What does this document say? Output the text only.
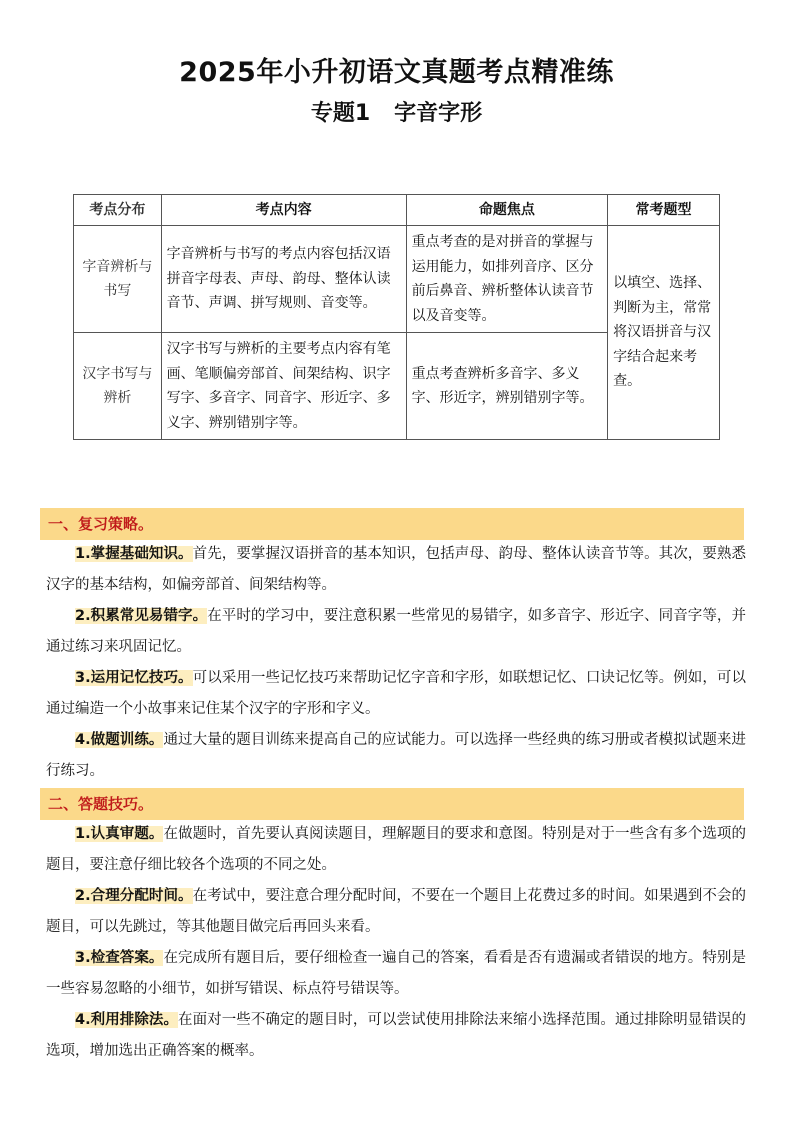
2025年小升初语文真题考点精准练
专题1 字音字形
考点分布	考点内容	命题焦点	常考题型
字音辨析与书写	字音辨析与书写的考点内容包括汉语拼音字母表、声母、韵母、整体认读音节、声调、拼写规则、音变等。	重点考查的是对拼音的掌握与运用能力，如排列音序、区分前后鼻音、辨析整体认读音节以及音变等。	以填空、选择、判断为主，常常将汉语拼音与汉字结合起来考查。
汉字书写与辨析	汉字书写与辨析的主要考点内容有笔画、笔顺偏旁部首、间架结构、识字写字、多音字、同音字、形近字、多义字、辨别错别字等。	重点考查辨析多音字、多义字、形近字，辨别错别字等。	
一、复习策略。

1.掌握基础知识。首先，要掌握汉语拼音的基本知识，包括声母、韵母、整体认读音节等。其次，要熟悉汉字的基本结构，如偏旁部首、间架结构等。

2.积累常见易错字。在平时的学习中，要注意积累一些常见的易错字，如多音字、形近字、同音字等，并通过练习来巩固记忆。

3.运用记忆技巧。可以采用一些记忆技巧来帮助记忆字音和字形，如联想记忆、口诀记忆等。例如，可以通过编造一个小故事来记住某个汉字的字形和字义。

4.做题训练。通过大量的题目训练来提高自己的应试能力。可以选择一些经典的练习册或者模拟试题来进行练习。

二、答题技巧。

1.认真审题。在做题时，首先要认真阅读题目，理解题目的要求和意图。特别是对于一些含有多个选项的题目，要注意仔细比较各个选项的不同之处。

2.合理分配时间。在考试中，要注意合理分配时间，不要在一个题目上花费过多的时间。如果遇到不会的题目，可以先跳过，等其他题目做完后再回头来看。

3.检查答案。在完成所有题目后，要仔细检查一遍自己的答案，看看是否有遗漏或者错误的地方。特别是一些容易忽略的小细节，如拼写错误、标点符号错误等。

4.利用排除法。在面对一些不确定的题目时，可以尝试使用排除法来缩小选择范围。通过排除明显错误的选项，增加选出正确答案的概率。
